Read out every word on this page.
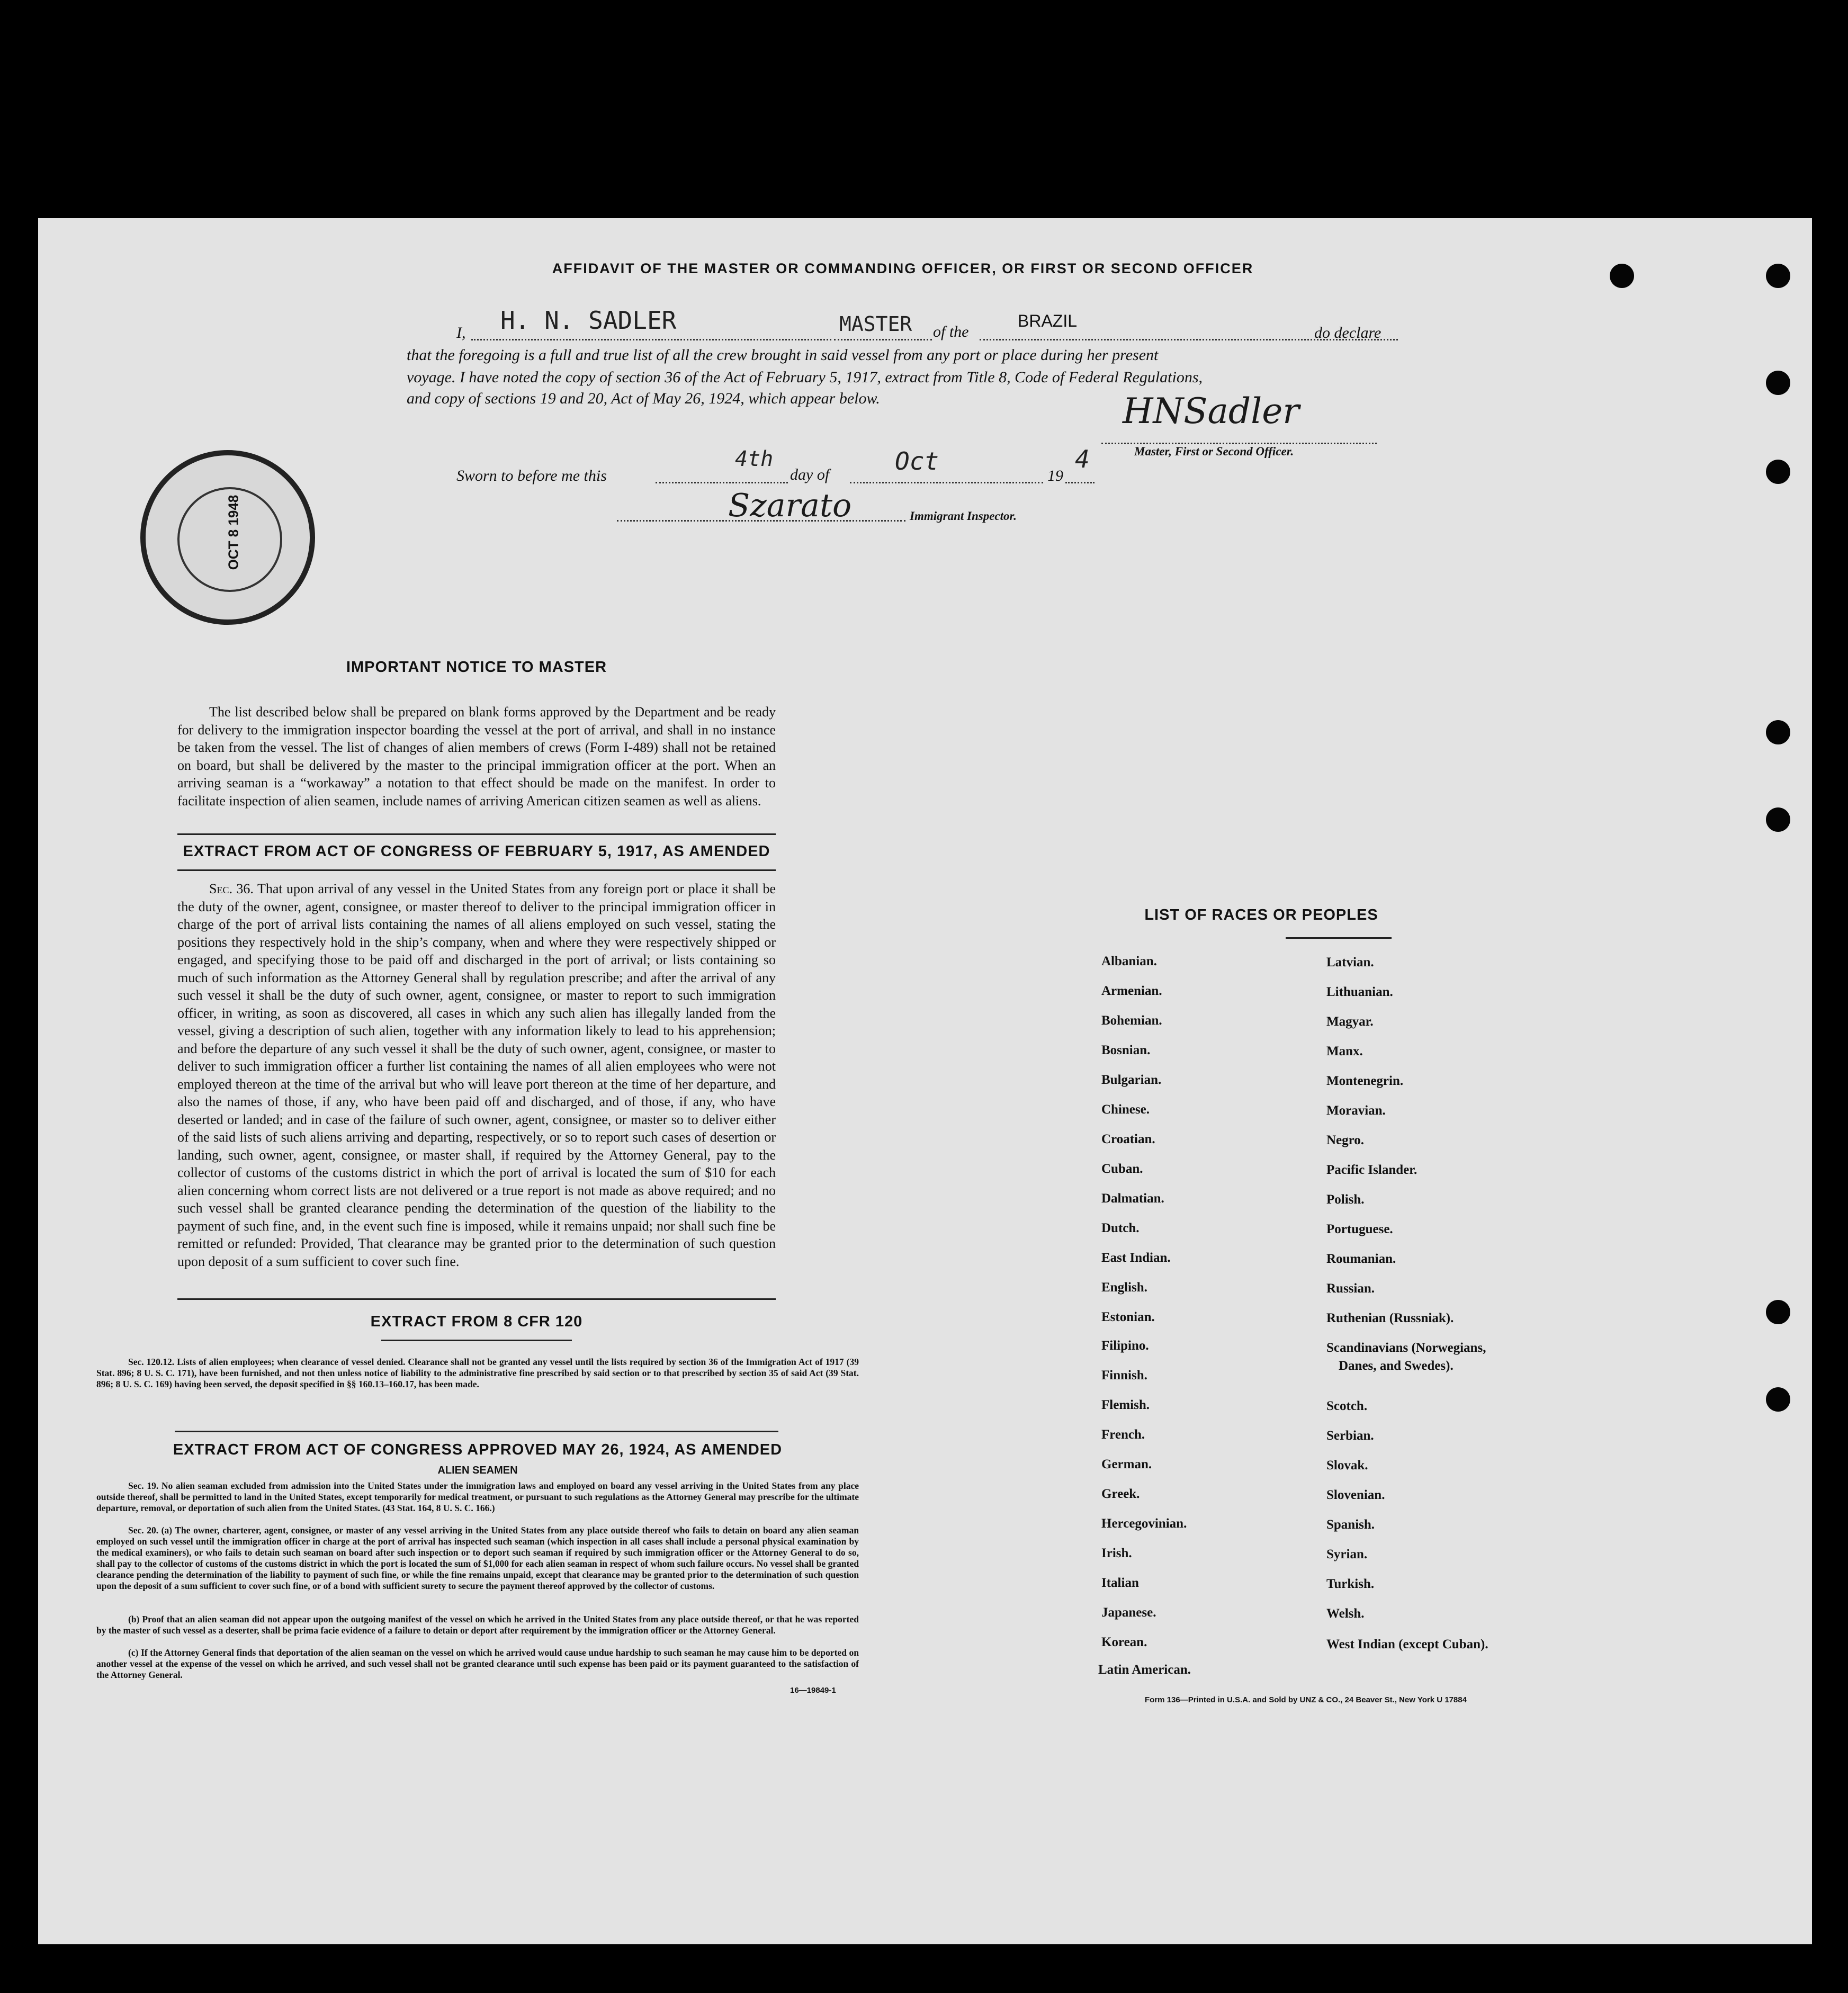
AFFIDAVIT OF THE MASTER OR COMMANDING OFFICER, OR FIRST OR SECOND OFFICER
I, H. N. SADLER	MASTER of the
BRAZIL
do declare
that the foregoing is a full and true list of all the crew brought in said vessel from any port or place during her present
voyage. I have noted the copy of section 36 of the Act of February 5, 1917, extract from Title 8, Code of Federal Regulations,
and copy of sections 19 and 20, Act of May 26, 1924, which appear below.	HNSadler
Master, First or Second Officer.
Sworn to before me this
4th
day of	Oct
19
4
Szarato	Immigrant Inspector.
OCT 8 1948
IMPORTANT NOTICE TO MASTER
The list described below shall be prepared on blank forms approved by the Department and be ready for delivery to the immigration inspector boarding the vessel at the port of arrival, and shall in no instance be taken from the vessel. The list of changes of alien members of crews (Form I-489) shall not be retained on board, but shall be delivered by the master to the principal immigration officer at the port. When an arriving seaman is a “workaway” a notation to that effect should be made on the manifest. In order to facilitate inspection of alien seamen, include names of arriving American citizen seamen as well as aliens.
EXTRACT FROM ACT OF CONGRESS OF FEBRUARY 5, 1917, AS AMENDED
Sec. 36. That upon arrival of any vessel in the United States from any foreign port or place it shall be the duty of the owner, agent, consignee, or master thereof to deliver to the principal immigration officer in charge of the port of arrival lists containing the names of all aliens employed on such vessel, stating the positions they respectively hold in the ship’s company, when and where they were respectively shipped or engaged, and specifying those to be paid off and discharged in the port of arrival; or lists containing so much of such information as the Attorney General shall by regulation prescribe; and after the arrival of any such vessel it shall be the duty of such owner, agent, consignee, or master to report to such immigration officer, in writing, as soon as discovered, all cases in which any such alien has illegally landed from the vessel, giving a description of such alien, together with any information likely to lead to his apprehension; and before the departure of any such vessel it shall be the duty of such owner, agent, consignee, or master to deliver to such immigration officer a further list containing the names of all alien employees who were not employed thereon at the time of the arrival but who will leave port thereon at the time of her departure, and also the names of those, if any, who have been paid off and discharged, and of those, if any, who have deserted or landed; and in case of the failure of such owner, agent, consignee, or master so to deliver either of the said lists of such aliens arriving and departing, respectively, or so to report such cases of desertion or landing, such owner, agent, consignee, or master shall, if required by the Attorney General, pay to the collector of customs of the customs district in which the port of arrival is located the sum of $10 for each alien concerning whom correct lists are not delivered or a true report is not made as above required; and no such vessel shall be granted clearance pending the determination of the question of the liability to the payment of such fine, and, in the event such fine is imposed, while it remains unpaid; nor shall such fine be remitted or refunded: Provided, That clearance may be granted prior to the determination of such question upon deposit of a sum sufficient to cover such fine.
EXTRACT FROM 8 CFR 120
Sec. 120.12. Lists of alien employees; when clearance of vessel denied. Clearance shall not be granted any vessel until the lists required by section 36 of the Immigration Act of 1917 (39 Stat. 896; 8 U. S. C. 171), have been furnished, and not then unless notice of liability to the administrative fine prescribed by said section or to that prescribed by section 35 of said Act (39 Stat. 896; 8 U. S. C. 169) having been served, the deposit specified in §§ 160.13–160.17, has been made.
EXTRACT FROM ACT OF CONGRESS APPROVED MAY 26, 1924, AS AMENDED
ALIEN SEAMEN
Sec. 19. No alien seaman excluded from admission into the United States under the immigration laws and employed on board any vessel arriving in the United States from any place outside thereof, shall be permitted to land in the United States, except temporarily for medical treatment, or pursuant to such regulations as the Attorney General may prescribe for the ultimate departure, removal, or deportation of such alien from the United States. (43 Stat. 164, 8 U. S. C. 166.)
Sec. 20. (a) The owner, charterer, agent, consignee, or master of any vessel arriving in the United States from any place outside thereof who fails to detain on board any alien seaman employed on such vessel until the immigration officer in charge at the port of arrival has inspected such seaman (which inspection in all cases shall include a personal physical examination by the medical examiners), or who fails to detain such seaman on board after such inspection or to deport such seaman if required by such immigration officer or the Attorney General to do so, shall pay to the collector of customs of the customs district in which the port is located the sum of $1,000 for each alien seaman in respect of whom such failure occurs. No vessel shall be granted clearance pending the determination of the liability to payment of such fine, or while the fine remains unpaid, except that clearance may be granted prior to the determination of such question upon the deposit of a sum sufficient to cover such fine, or of a bond with sufficient surety to secure the payment thereof approved by the collector of customs.
(b) Proof that an alien seaman did not appear upon the outgoing manifest of the vessel on which he arrived in the United States from any place outside thereof, or that he was reported by the master of such vessel as a deserter, shall be prima facie evidence of a failure to detain or deport after requirement by the immigration officer or the Attorney General.
(c) If the Attorney General finds that deportation of the alien seaman on the vessel on which he arrived would cause undue hardship to such seaman he may cause him to be deported on another vessel at the expense of the vessel on which he arrived, and such vessel shall not be granted clearance until such expense has been paid or its payment guaranteed to the satisfaction of the Attorney General.
16—19849-1
LIST OF RACES OR PEOPLES
Albanian.
Armenian.
Bohemian.
Bosnian.
Bulgarian.
Chinese.
Croatian.
Cuban.
Dalmatian.
Dutch.
East Indian.
English.
Estonian.
Filipino.
Finnish.
Flemish.
French.
German.
Greek.
Hercegovinian.
Irish.
Italian
Japanese.
Korean.
Latin American.
Latvian.
Lithuanian.
Magyar.
Manx.
Montenegrin.
Moravian.
Negro.
Pacific Islander.
Polish.
Portuguese.
Roumanian.
Russian.
Ruthenian (Russniak).
Scandinavians (Norwegians,
Danes, and Swedes).
Scotch.
Serbian.
Slovak.
Slovenian.
Spanish.
Syrian.
Turkish.
Welsh.
West Indian (except Cuban).
Form 136—Printed in U.S.A. and Sold by UNZ & CO., 24 Beaver St., New York U 17884
